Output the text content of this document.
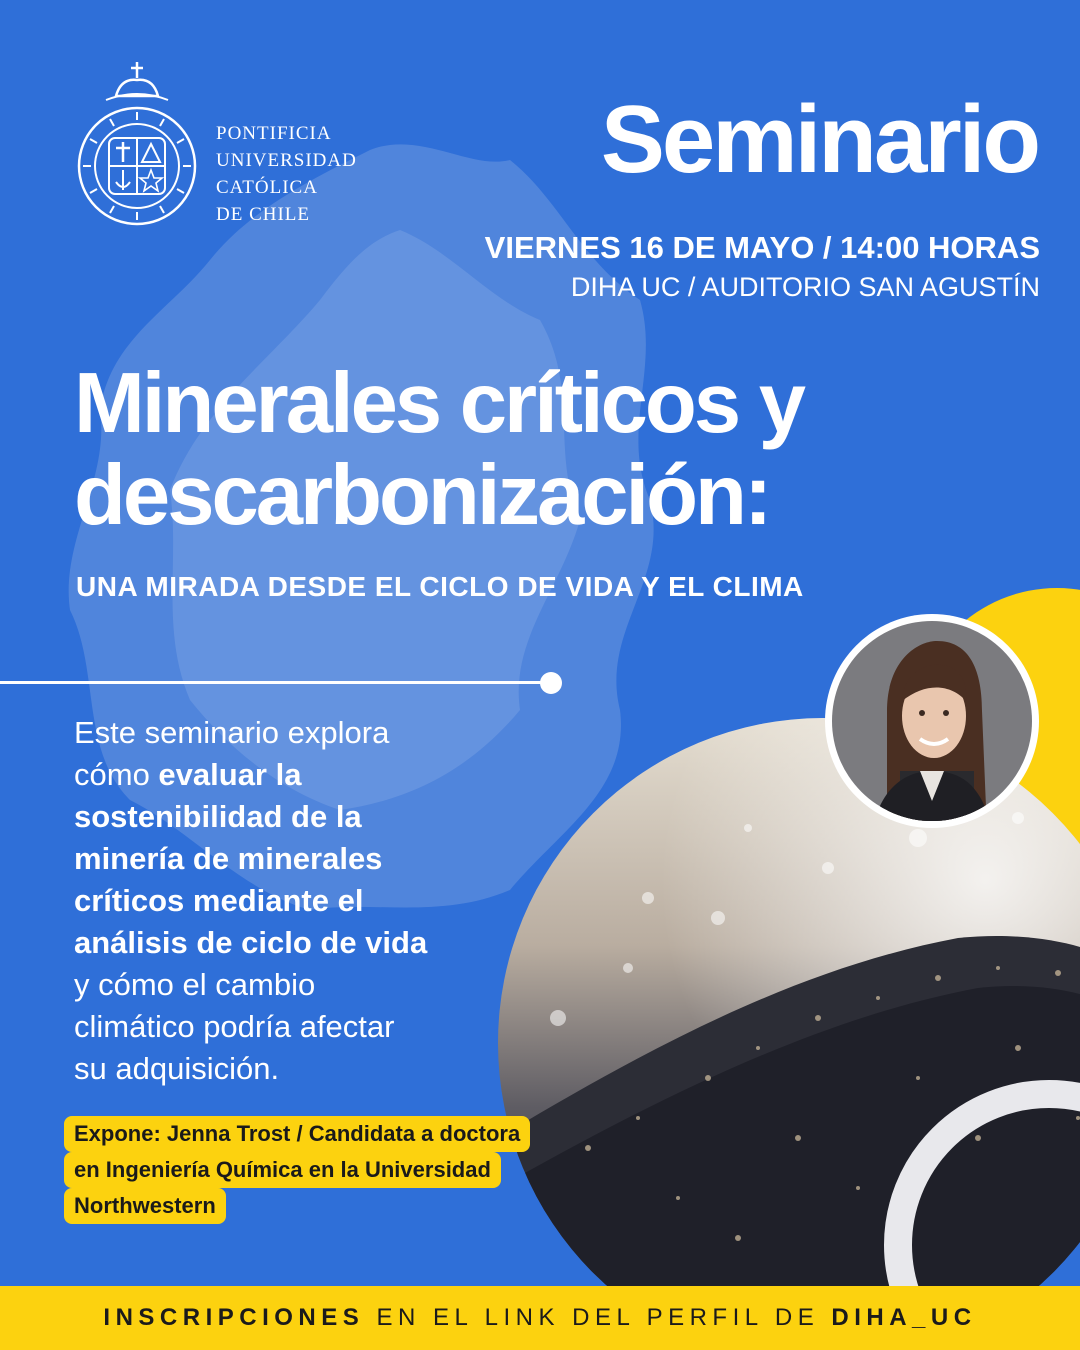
PONTIFICIA
UNIVERSIDAD
CATÓLICA
DE CHILE
Seminario
VIERNES 16 DE MAYO / 14:00 HORAS
DIHA UC / AUDITORIO SAN AGUSTÍN
Minerales críticos y
descarbonización:
UNA MIRADA DESDE EL CICLO DE VIDA Y EL CLIMA
Este seminario explora
cómo evaluar la
sostenibilidad de la
minería de minerales
críticos mediante el
análisis de ciclo de vida
y cómo el cambio
climático podría afectar
su adquisición.
Expone: Jenna Trost / Candidata a doctora
en Ingeniería Química en la Universidad
Northwestern
INSCRIPCIONES EN EL LINK DEL PERFIL DE DIHA_UC
